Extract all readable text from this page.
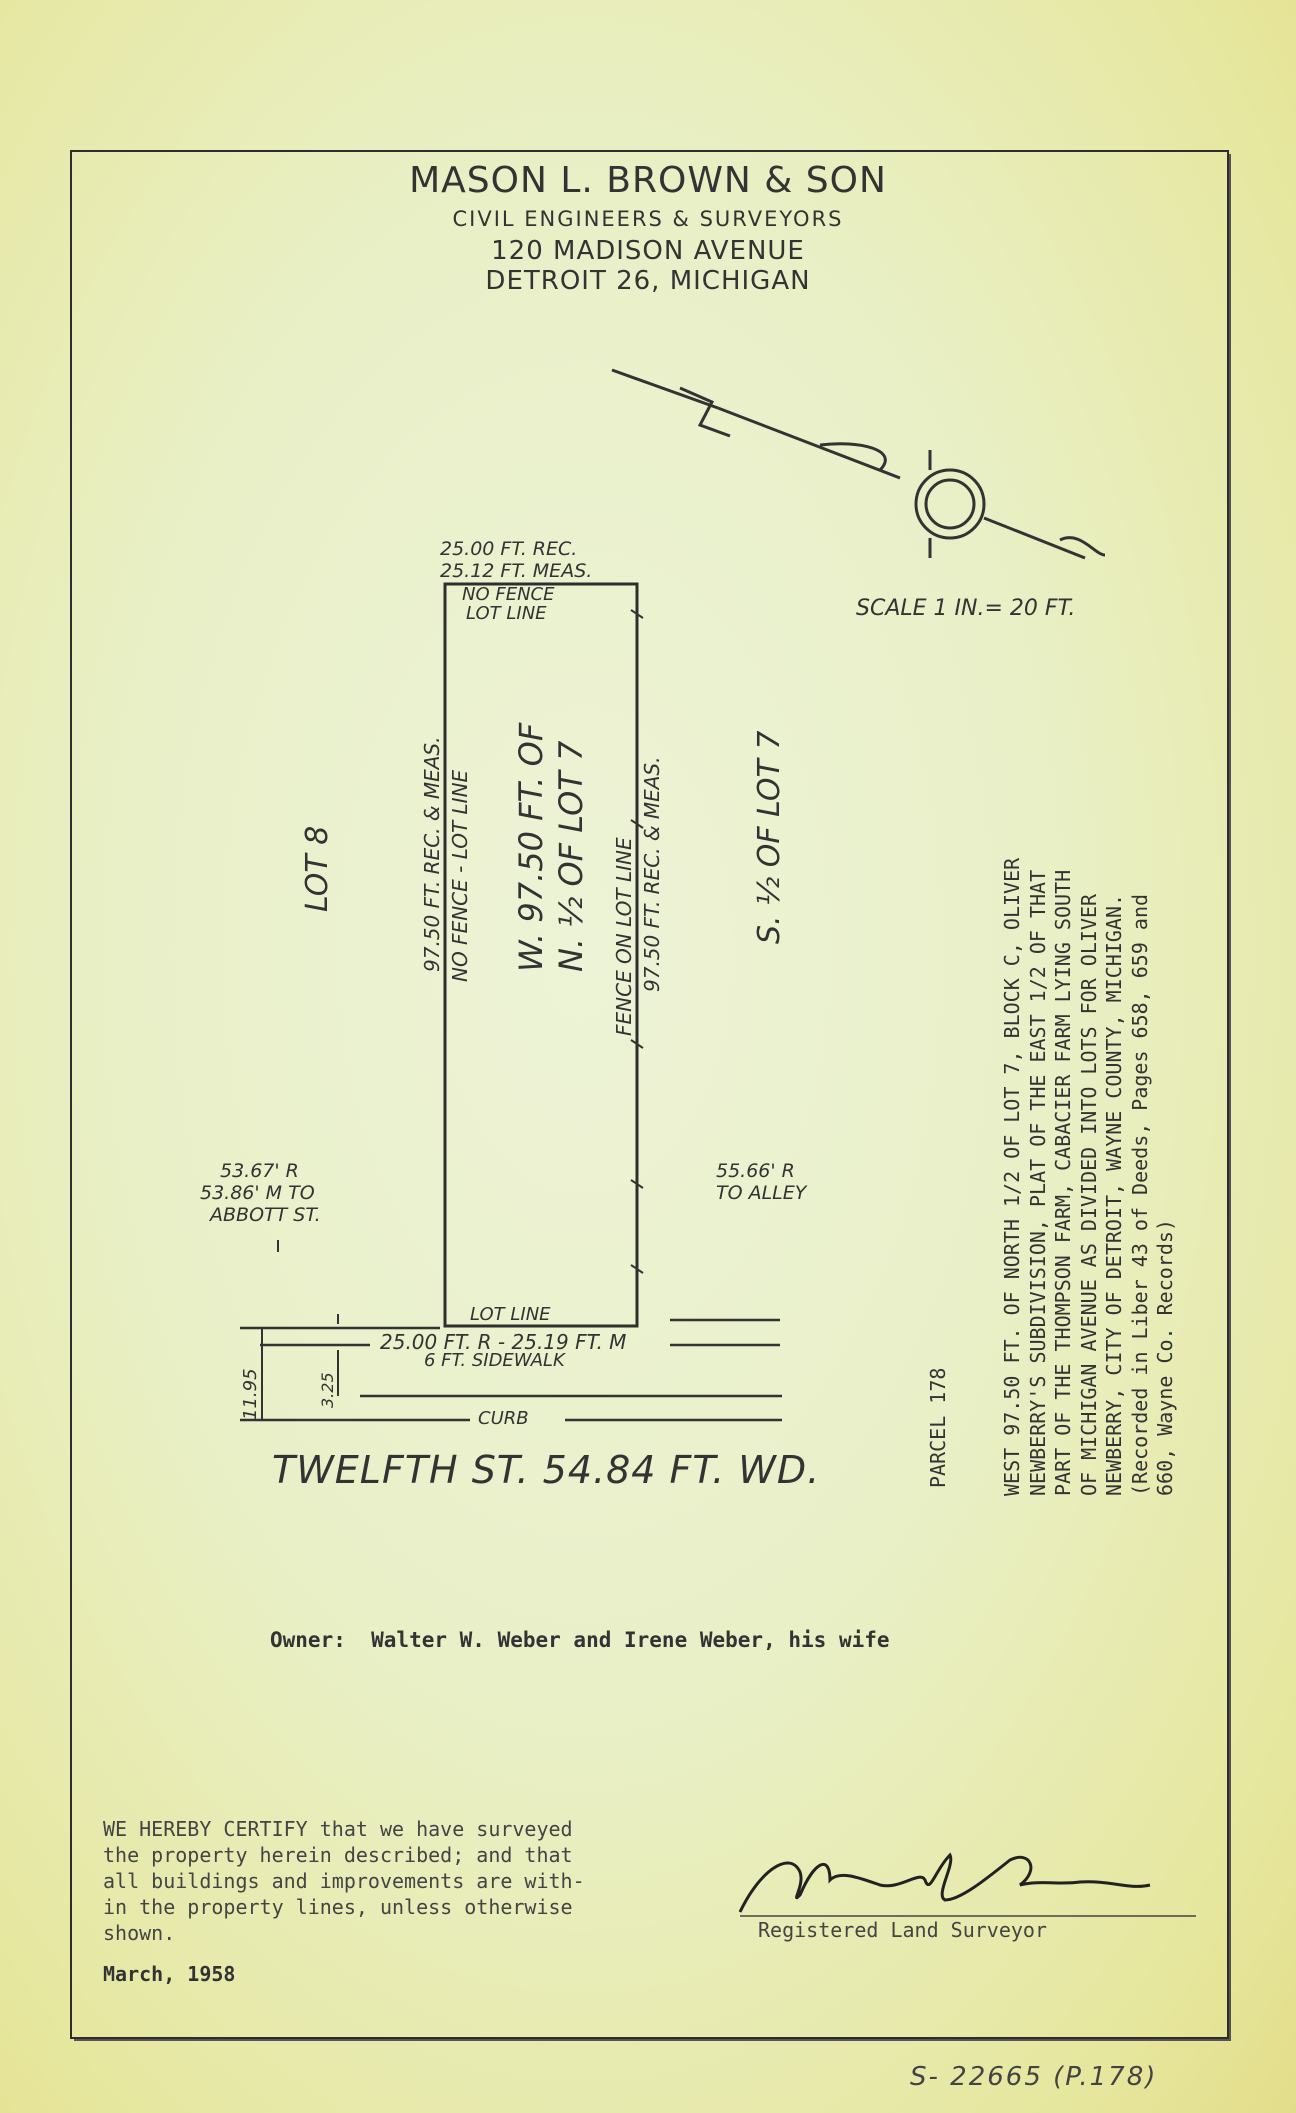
MASON L. BROWN & SON
CIVIL ENGINEERS & SURVEYORS
120 MADISON AVENUE
DETROIT 26, MICHIGAN
25.00 FT. REC.
25.12 FT. MEAS.
NO FENCE
LOT LINE
97.50 FT. REC. & MEAS. NO FENCE - LOT LINE W. 97.50 FT. OF N. ½ OF LOT 7 FENCE ON LOT LINE 97.50 FT. REC. & MEAS.
LOT 8	S. ½ OF LOT 7
53.67' R
53.86' M TO
ABBOTT ST.
55.66' R
TO ALLEY
LOT LINE
25.00 FT. R - 25.19 FT. M
6 FT. SIDEWALK
CURB
11.95	3.25
TWELFTH ST. 54.84 FT. WD.
SCALE 1 IN.= 20 FT.
PARCEL 178	WEST 97.50 FT. OF NORTH 1/2 OF LOT 7, BLOCK C, OLIVER NEWBERRY'S SUBDIVISION, PLAT OF THE EAST 1/2 OF THAT PART OF THE THOMPSON FARM, CABACIER FARM LYING SOUTH OF MICHIGAN AVENUE AS DIVIDED INTO LOTS FOR OLIVER NEWBERRY, CITY OF DETROIT, WAYNE COUNTY, MICHIGAN. (Recorded in Liber 43 of Deeds, Pages 658, 659 and 660, Wayne Co. Records)
Owner:  Walter W. Weber and Irene Weber, his wife
WE HEREBY CERTIFY that we have surveyed
the property herein described; and that
all buildings and improvements are with-
in the property lines, unless otherwise
shown.
March, 1958
Registered Land Surveyor
S- 22665 (P.178)
